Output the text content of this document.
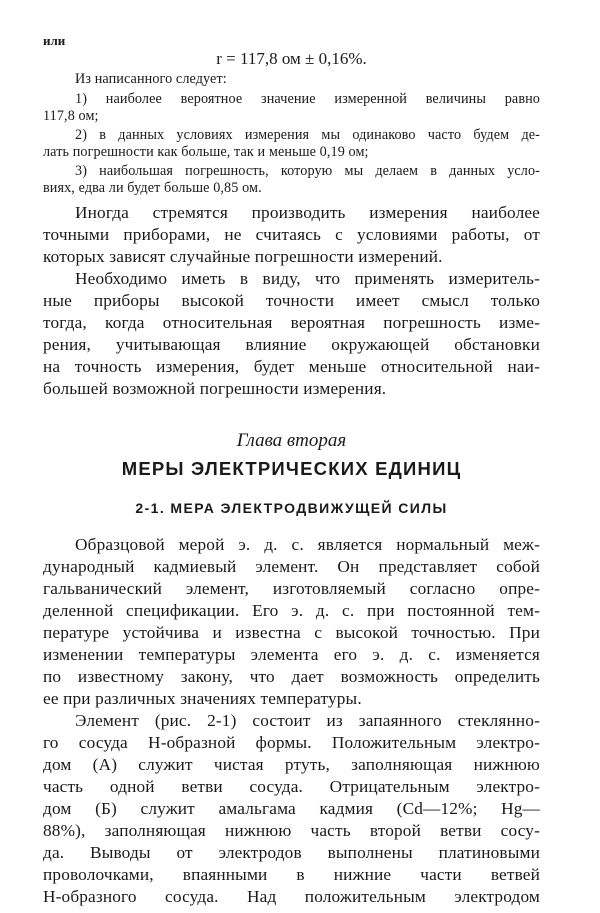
или
r = 117,8 ом ± 0,16%.
Из написанного следует:
1) наиболее вероятное значение измеренной величины равно
117,8 ом;
2) в данных условиях измерения мы одинаково часто будем де-
лать погрешности как больше, так и меньше 0,19 ом;
3) наибольшая погрешность, которую мы делаем в данных усло-
виях, едва ли будет больше 0,85 ом.
Иногда стремятся производить измерения наиболее
точными приборами, не считаясь с условиями работы, от
которых зависят случайные погрешности измерений.
Необходимо иметь в виду, что применять измеритель-
ные приборы высокой точности имеет смысл только
тогда, когда относительная вероятная погрешность изме-
рения, учитывающая влияние окружающей обстановки
на точность измерения, будет меньше относительной наи-
большей возможной погрешности измерения.
Глава вторая
МЕРЫ ЭЛЕКТРИЧЕСКИХ ЕДИНИЦ
2-1. МЕРА ЭЛЕКТРОДВИЖУЩЕЙ СИЛЫ
Образцовой мерой э. д. с. является нормальный меж-
дународный кадмиевый элемент. Он представляет собой
гальванический элемент, изготовляемый согласно опре-
деленной спецификации. Его э. д. с. при постоянной тем-
пературе устойчива и известна с высокой точностью. При
изменении температуры элемента его э. д. с. изменяется
по известному закону, что дает возможность определить
ее при различных значениях температуры.
Элемент (рис. 2-1) состоит из запаянного стеклянно-
го сосуда Н-образной формы. Положительным электро-
дом (А) служит чистая ртуть, заполняющая нижнюю
часть одной ветви сосуда. Отрицательным электро-
дом (Б) служит амальгама кадмия (Cd—12%; Hg—
88%), заполняющая нижнюю часть второй ветви сосу-
да. Выводы от электродов выполнены платиновыми
проволочками, впаянными в нижние части ветвей
Н-образного сосуда. Над положительным электродом
